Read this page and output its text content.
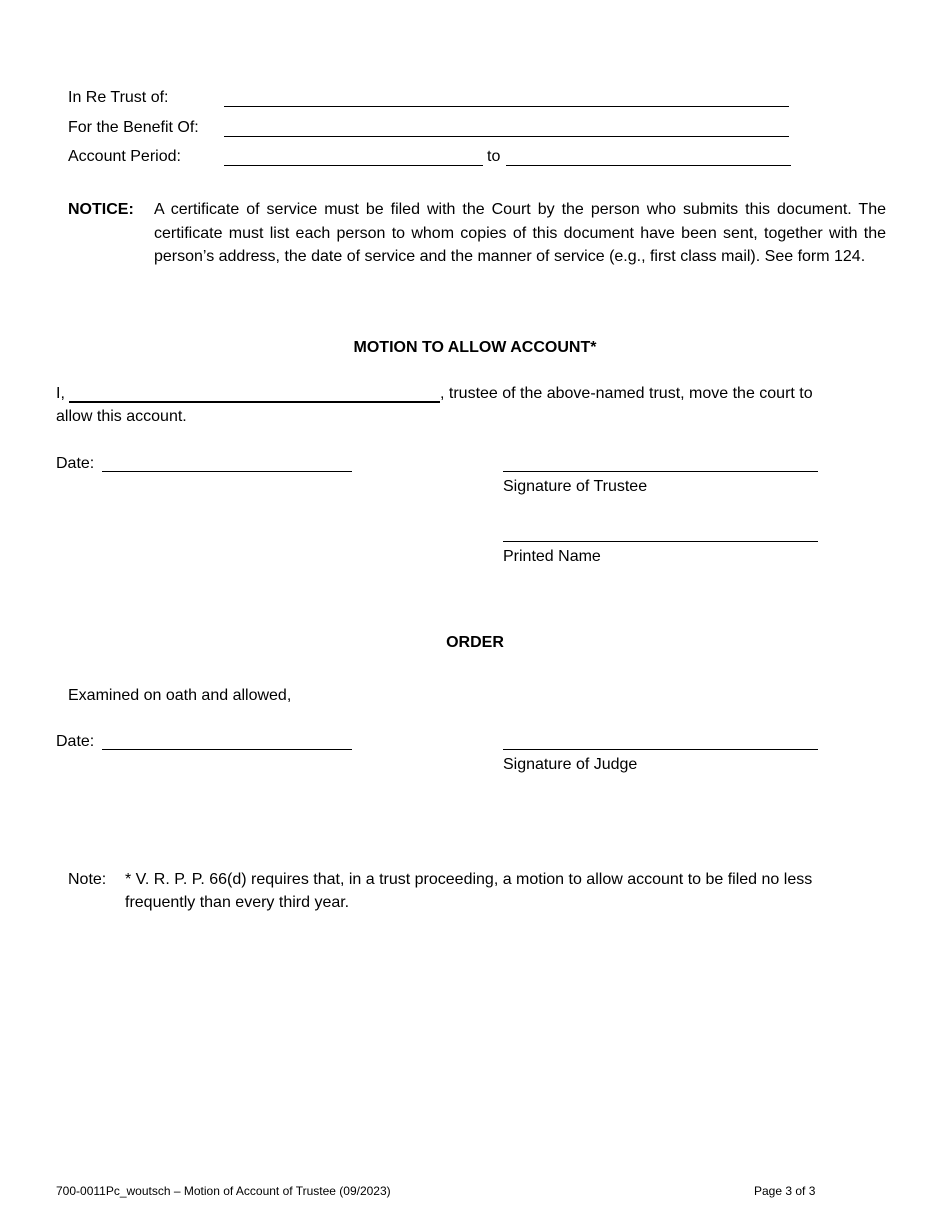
In Re Trust of:
For the Benefit Of:
Account Period:	to
NOTICE: A certificate of service must be filed with the Court by the person who submits this document. The certificate must list each person to whom copies of this document have been sent, together with the person’s address, the date of service and the manner of service (e.g., first class mail). See form 124.
MOTION TO ALLOW ACCOUNT*
I,	, trustee of the above-named trust, move the court to
allow this account.
Date:
Signature of Trustee
Printed Name
ORDER
Examined on oath and allowed,
Date:
Signature of Judge
Note: * V. R. P. P. 66(d) requires that, in a trust proceeding, a motion to allow account to be filed no less
frequently than every third year.
700-0011Pc_woutsch – Motion of Account of Trustee (09/2023)	Page 3 of 3
